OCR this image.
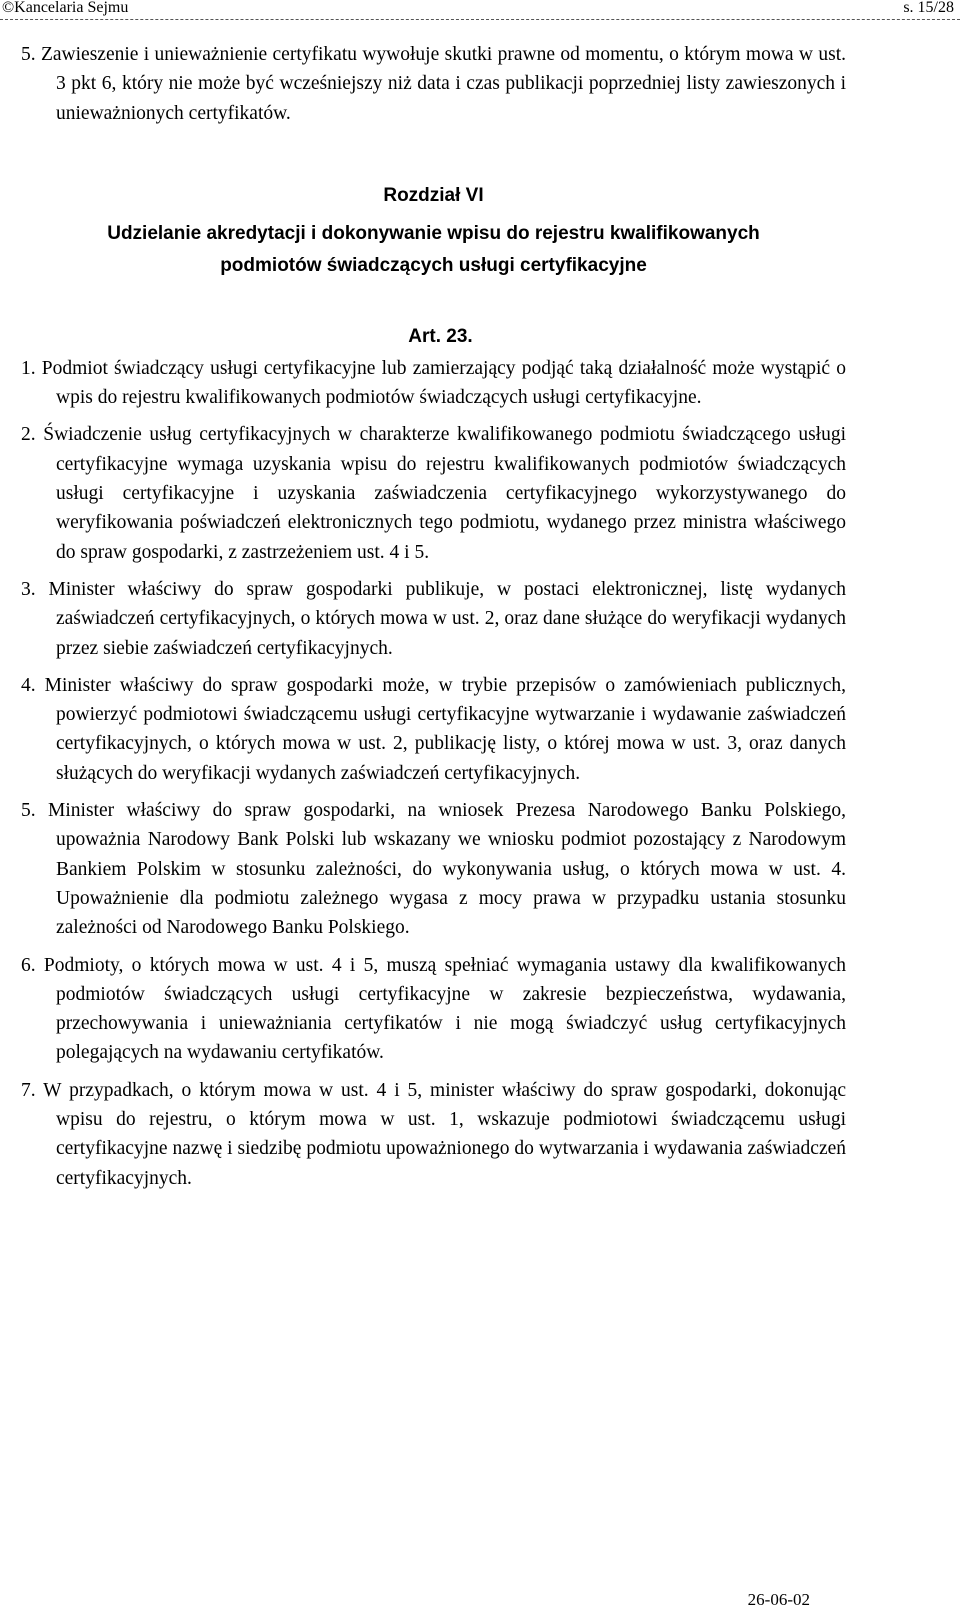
©Kancelaria Sejmu	s. 15/28

5. Zawieszenie i unieważnienie certyfikatu wywołuje skutki prawne od momentu, o którym mowa w ust. 3 pkt 6, który nie może być wcześniejszy niż data i czas publikacji poprzedniej listy zawieszonych i unieważnionych certyfikatów.

Rozdział VI
Udzielanie akredytacji i dokonywanie wpisu do rejestru kwalifikowanych
podmiotów świadczących usługi certyfikacyjne
Art. 23.

1. Podmiot świadczący usługi certyfikacyjne lub zamierzający podjąć taką działalność może wystąpić o wpis do rejestru kwalifikowanych podmiotów świadczących usługi certyfikacyjne.

2. Świadczenie usług certyfikacyjnych w charakterze kwalifikowanego podmiotu świadczącego usługi certyfikacyjne wymaga uzyskania wpisu do rejestru kwalifikowanych podmiotów świadczących usługi certyfikacyjne i uzyskania zaświadczenia certyfikacyjnego wykorzystywanego do weryfikowania poświadczeń elektronicznych tego podmiotu, wydanego przez ministra właściwego do spraw gospodarki, z zastrzeżeniem ust. 4 i 5.

3. Minister właściwy do spraw gospodarki publikuje, w postaci elektronicznej, listę wydanych zaświadczeń certyfikacyjnych, o których mowa w ust. 2, oraz dane służące do weryfikacji wydanych przez siebie zaświadczeń certyfikacyjnych.

4. Minister właściwy do spraw gospodarki może, w trybie przepisów o zamówieniach publicznych, powierzyć podmiotowi świadczącemu usługi certyfikacyjne wytwarzanie i wydawanie zaświadczeń certyfikacyjnych, o których mowa w ust. 2, publikację listy, o której mowa w ust. 3, oraz danych służących do weryfikacji wydanych zaświadczeń certyfikacyjnych.

5. Minister właściwy do spraw gospodarki, na wniosek Prezesa Narodowego Banku Polskiego, upoważnia Narodowy Bank Polski lub wskazany we wniosku podmiot pozostający z Narodowym Bankiem Polskim w stosunku zależności, do wykonywania usług, o których mowa w ust. 4. Upoważnienie dla podmiotu zależnego wygasa z mocy prawa w przypadku ustania stosunku zależności od Narodowego Banku Polskiego.

6. Podmioty, o których mowa w ust. 4 i 5, muszą spełniać wymagania ustawy dla kwalifikowanych podmiotów świadczących usługi certyfikacyjne w zakresie bezpieczeństwa, wydawania, przechowywania i unieważniania certyfikatów i nie mogą świadczyć usług certyfikacyjnych polegających na wydawaniu certyfikatów.

7. W przypadkach, o którym mowa w ust. 4 i 5, minister właściwy do spraw gospodarki, dokonując wpisu do rejestru, o którym mowa w ust. 1, wskazuje podmiotowi świadczącemu usługi certyfikacyjne nazwę i siedzibę podmiotu upoważnionego do wytwarzania i wydawania zaświadczeń certyfikacyjnych.

26-06-02
